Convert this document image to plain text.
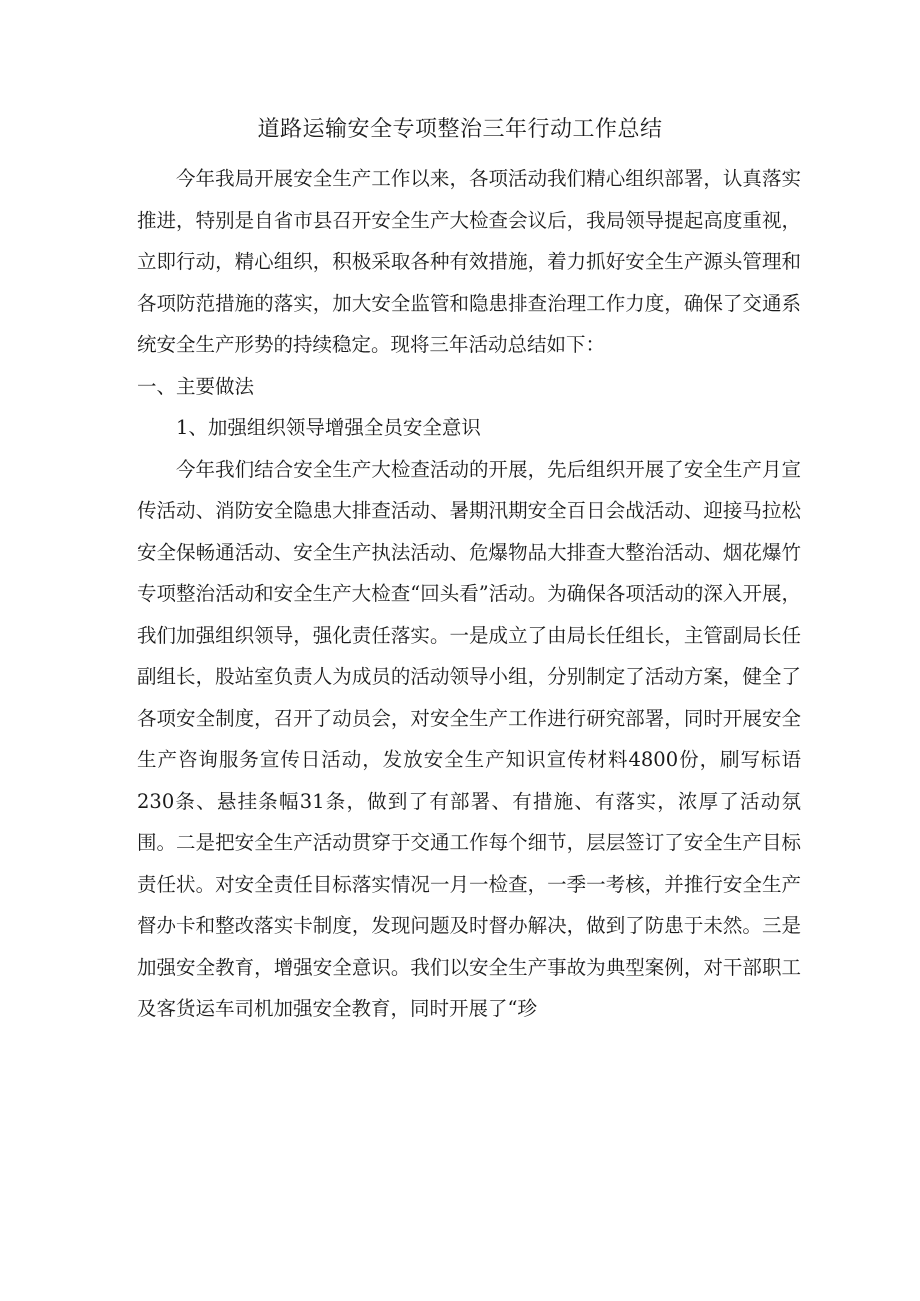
道路运输安全专项整治三年行动工作总结

今年我局开展安全生产工作以来，各项活动我们精心组织部署，认真落实推进，特别是自省市县召开安全生产大检查会议后，我局领导提起高度重视，立即行动，精心组织，积极采取各种有效措施，着力抓好安全生产源头管理和各项防范措施的落实，加大安全监管和隐患排查治理工作力度，确保了交通系统安全生产形势的持续稳定。现将三年活动总结如下：

一、主要做法

1、加强组织领导增强全员安全意识

今年我们结合安全生产大检查活动的开展，先后组织开展了安全生产月宣传活动、消防安全隐患大排查活动、暑期汛期安全百日会战活动、迎接马拉松安全保畅通活动、安全生产执法活动、危爆物品大排查大整治活动、烟花爆竹专项整治活动和安全生产大检查“回头看”活动。为确保各项活动的深入开展，我们加强组织领导，强化责任落实。一是成立了由局长任组长，主管副局长任副组长，股站室负责人为成员的活动领导小组，分别制定了活动方案，健全了各项安全制度，召开了动员会，对安全生产工作进行研究部署，同时开展安全生产咨询服务宣传日活动，发放安全生产知识宣传材料4800份，刷写标语230条、悬挂条幅31条，做到了有部署、有措施、有落实，浓厚了活动氛围。二是把安全生产活动贯穿于交通工作每个细节，层层签订了安全生产目标责任状。对安全责任目标落实情况一月一检查，一季一考核，并推行安全生产督办卡和整改落实卡制度，发现问题及时督办解决，做到了防患于未然。三是加强安全教育，增强安全意识。我们以安全生产事故为典型案例，对干部职工及客货运车司机加强安全教育，同时开展了“珍
